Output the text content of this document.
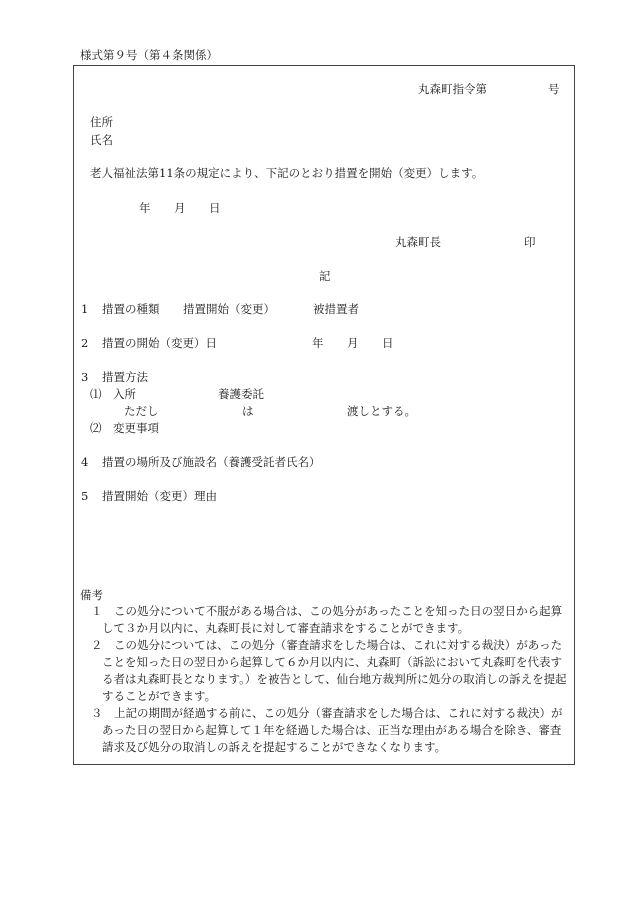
様式第９号（第４条関係）
丸森町指令第	号
住所
氏名
老人福祉法第11条の規定により、下記のとおり措置を開始（変更）します。
年 月 日
丸森町長	印
記
1 措置の種類 措置開始（変更）	被措置者
2 措置の開始（変更）日	年 月 日
3 措置方法
⑴ 入所	養護委託
ただし	は	渡しとする。
⑵ 変更事項
4 措置の場所及び施設名（養護受託者氏名）
5 措置開始（変更）理由
備考
１　この処分について不服がある場合は、この処分があったことを知った日の翌日から起算
して３か月以内に、丸森町長に対して審査請求をすることができます。
２　この処分については、この処分（審査請求をした場合は、これに対する裁決）があった
ことを知った日の翌日から起算して６か月以内に、丸森町（訴訟において丸森町を代表す
る者は丸森町長となります。）を被告として、仙台地方裁判所に処分の取消しの訴えを提起
することができます。
３　上記の期間が経過する前に、この処分（審査請求をした場合は、これに対する裁決）が
あった日の翌日から起算して１年を経過した場合は、正当な理由がある場合を除き、審査
請求及び処分の取消しの訴えを提起することができなくなります。
